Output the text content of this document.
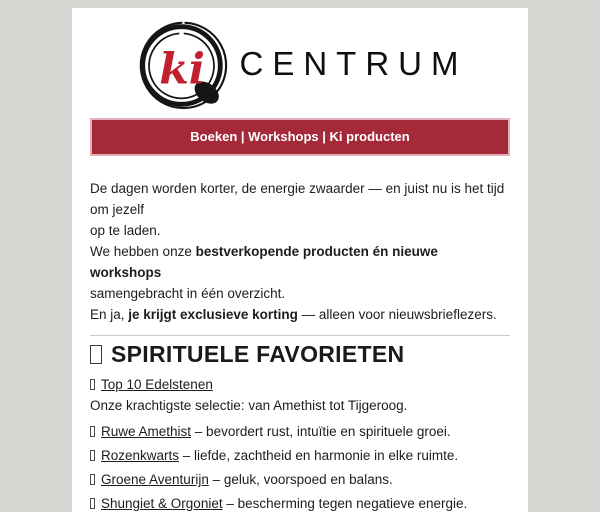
ki CENTRUM
Boeken | Workshops | Ki producten
De dagen worden korter, de energie zwaarder — en juist nu is het tijd om jezelf
op te laden.
We hebben onze bestverkopende producten én nieuwe workshops
samengebracht in één overzicht.
En ja, je krijgt exclusieve korting — alleen voor nieuwsbrieflezers.
SPIRITUELE FAVORIETEN
Top 10 Edelstenen
Onze krachtigste selectie: van Amethist tot Tijgeroog.
Ruwe Amethist – bevordert rust, intuïtie en spirituele groei.
Rozenkwarts – liefde, zachtheid en harmonie in elke ruimte.
Groene Aventurijn – geluk, voorspoed en balans.
Shungiet & Orgoniet – bescherming tegen negatieve energie.
